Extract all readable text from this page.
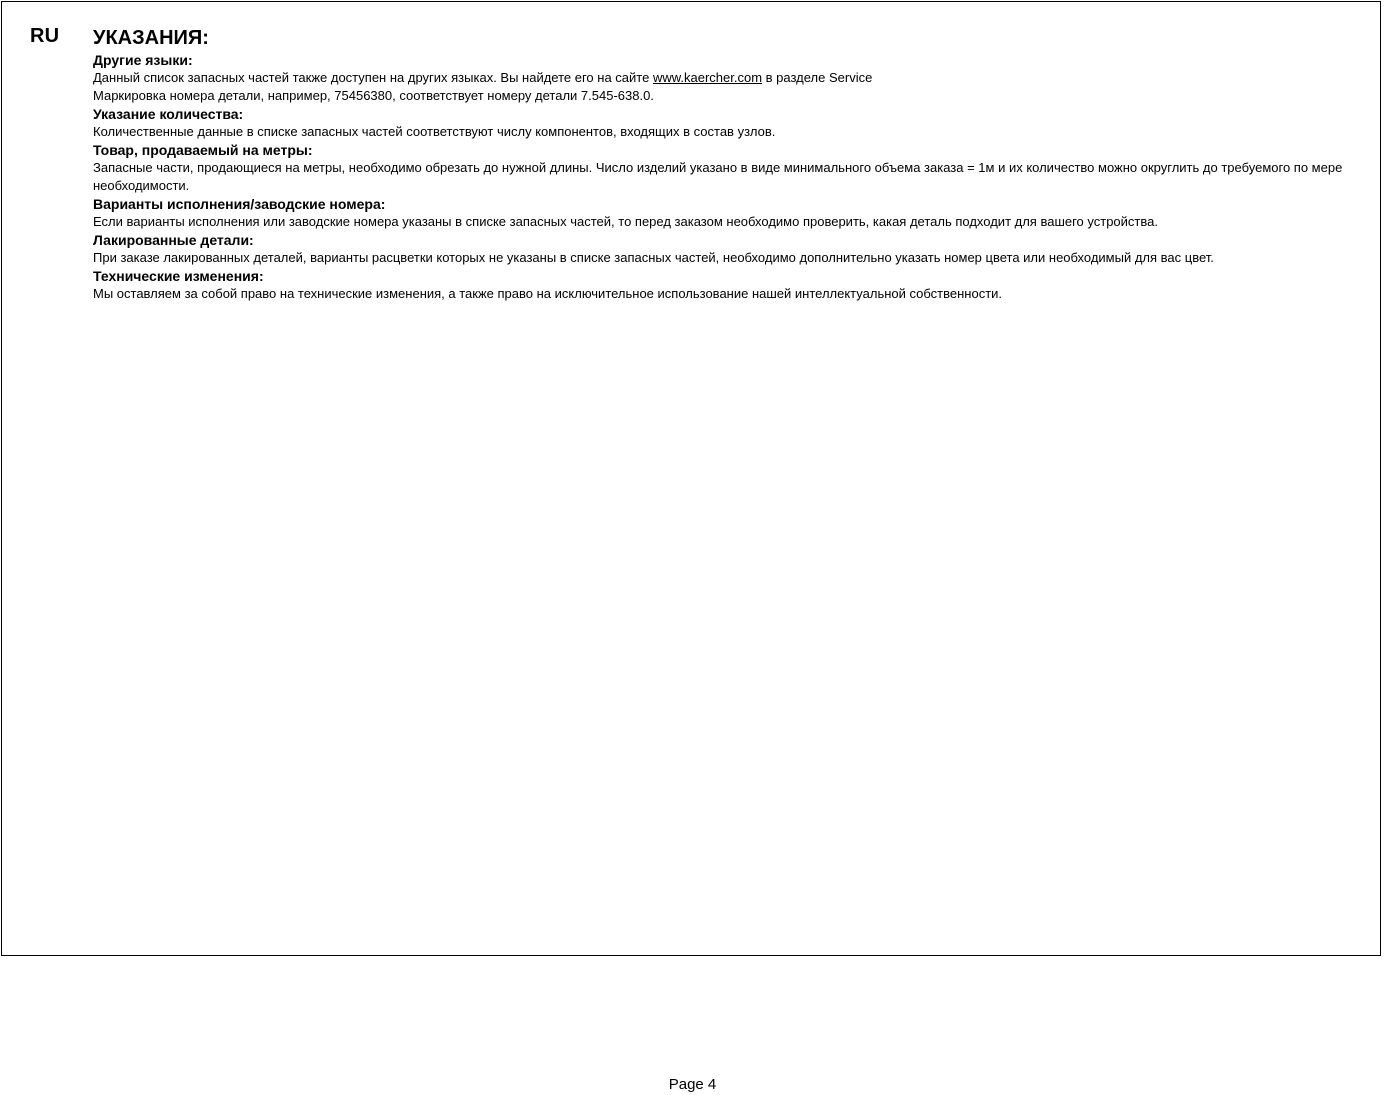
RU УКАЗАНИЯ:
Другие языки:

Данный список запасных частей также доступен на других языках. Вы найдете его на сайте www.kaercher.com в разделе Service

Маркировка номера детали, например, 75456380, соответствует номеру детали 7.545-638.0.

Указание количества:

Количественные данные в списке запасных частей соответствуют числу компонентов, входящих в состав узлов.

Товар, продаваемый на метры:

Запасные части, продающиеся на метры, необходимо обрезать до нужной длины. Число изделий указано в виде минимального объема заказа = 1м и их количество можно округлить до требуемого по мере необходимости.

Варианты исполнения/заводские номера:

Если варианты исполнения или заводские номера указаны в списке запасных частей, то перед заказом необходимо проверить, какая деталь подходит для вашего устройства.

Лакированные детали:

При заказе лакированных деталей, варианты расцветки которых не указаны в списке запасных частей, необходимо дополнительно указать номер цвета или необходимый для вас цвет.

Технические изменения:

Мы оставляем за собой право на технические изменения, а также право на исключительное использование нашей интеллектуальной собственности.

Page 4
